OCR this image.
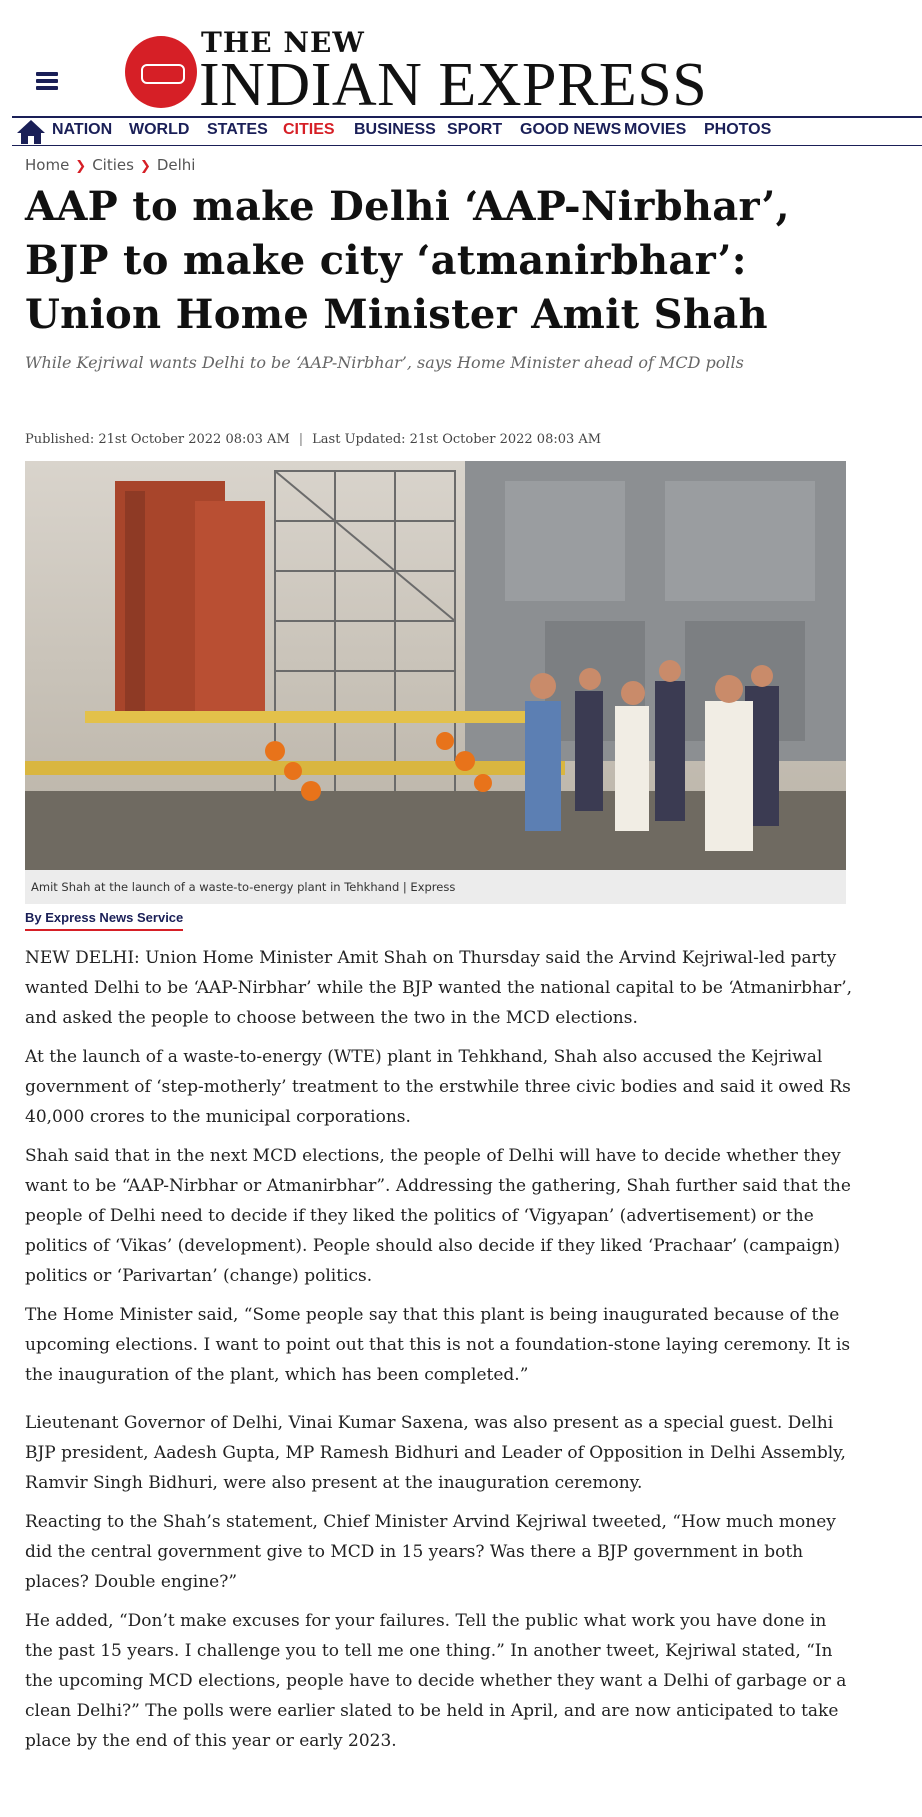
THE NEW
INDIAN EXPRESS
NATION WORLD STATES CITIES BUSINESS SPORT GOOD NEWS MOVIES PHOTOS
Home ❯ Cities ❯ Delhi
AAP to make Delhi ‘AAP-Nirbhar’,
BJP to make city ‘atmanirbhar’:
Union Home Minister Amit Shah
While Kejriwal wants Delhi to be ‘AAP-Nirbhar’, says Home Minister ahead of MCD polls
Published: 21st October 2022 08:03 AM | Last Updated: 21st October 2022 08:03 AM
Amit Shah at the launch of a waste-to-energy plant in Tehkhand | Express
By Express News Service

NEW DELHI: Union Home Minister Amit Shah on Thursday said the Arvind Kejriwal-led party wanted Delhi to be ‘AAP-Nirbhar’ while the BJP wanted the national capital to be ‘Atmanirbhar’, and asked the people to choose between the two in the MCD elections.

At the launch of a waste-to-energy (WTE) plant in Tehkhand, Shah also accused the Kejriwal government of ‘step-motherly’ treatment to the erstwhile three civic bodies and said it owed Rs 40,000 crores to the municipal corporations.

Shah said that in the next MCD elections, the people of Delhi will have to decide whether they want to be “AAP-Nirbhar or Atmanirbhar”. Addressing the gathering, Shah further said that the people of Delhi need to decide if they liked the politics of ‘Vigyapan’ (advertisement) or the politics of ‘Vikas’ (development). People should also decide if they liked ‘Prachaar’ (campaign) politics or ‘Parivartan’ (change) politics.

The Home Minister said, “Some people say that this plant is being inaugurated because of the upcoming elections. I want to point out that this is not a foundation-stone laying ceremony. It is the inauguration of the plant, which has been completed.”

Lieutenant Governor of Delhi, Vinai Kumar Saxena, was also present as a special guest. Delhi BJP president, Aadesh Gupta, MP Ramesh Bidhuri and Leader of Opposition in Delhi Assembly, Ramvir Singh Bidhuri, were also present at the inauguration ceremony.

Reacting to the Shah’s statement, Chief Minister Arvind Kejriwal tweeted, “How much money did the central government give to MCD in 15 years? Was there a BJP government in both places? Double engine?”

He added, “Don’t make excuses for your failures. Tell the public what work you have done in the past 15 years. I challenge you to tell me one thing.” In another tweet, Kejriwal stated, “In the upcoming MCD elections, people have to decide whether they want a Delhi of garbage or a clean Delhi?” The polls were earlier slated to be held in April, and are now anticipated to take place by the end of this year or early 2023.
